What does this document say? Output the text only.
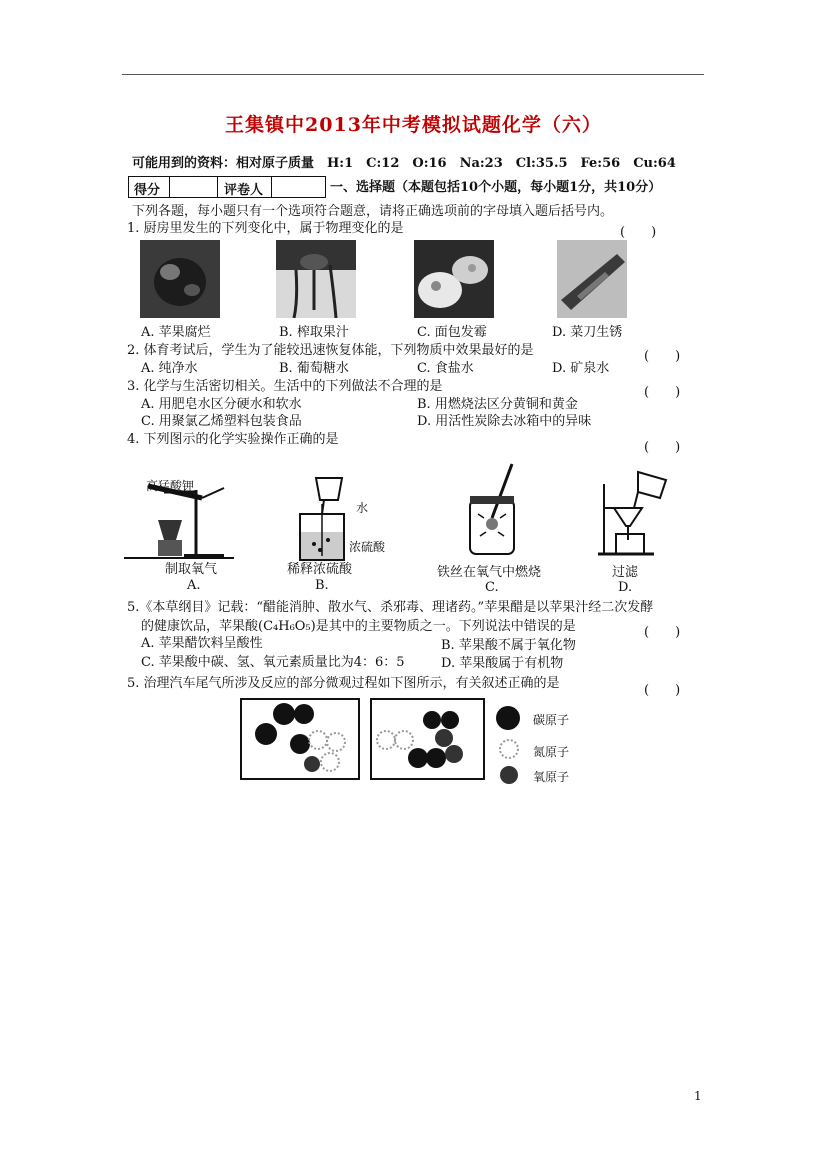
王集镇中2013年中考模拟试题化学（六）
可能用到的资料：相对原子质量　H:1　C:12　O:16　Na:23　Cl:35.5　Fe:56　Cu:64
得分	评卷人	一、选择题（本题包括10个小题，每小题1分，共10分）
下列各题，每小题只有一个选项符合题意，请将正确选项前的字母填入题后括号内。
1. 厨房里发生的下列变化中，属于物理变化的是	(　　)
A. 苹果腐烂	B. 榨取果汁	C. 面包发霉	D. 菜刀生锈
2. 体育考试后，学生为了能较迅速恢复体能，下列物质中效果最好的是	(　　)
A. 纯净水	B. 葡萄糖水	C. 食盐水	D. 矿泉水
3. 化学与生活密切相关。生活中的下列做法不合理的是	(　　)
A. 用肥皂水区分硬水和软水	B. 用燃烧法区分黄铜和黄金
C. 用聚氯乙烯塑料包装食品	D. 用活性炭除去冰箱中的异味
4. 下列图示的化学实验操作正确的是
(　　)
高猛酸钾
水
浓硫酸
制取氧气	稀释浓硫酸	铁丝在氧气中燃烧	过滤
A.	B.	C.	D.
5.《本草纲目》记载：“醋能消肿、散水气、杀邪毒、理诸药。”苹果醋是以苹果汁经二次发酵
的健康饮品，苹果酸(C₄H₆O₅)是其中的主要物质之一。下列说法中错误的是	(　　)
A. 苹果醋饮料呈酸性	B. 苹果酸不属于氧化物
C. 苹果酸中碳、氢、氧元素质量比为4：6：5	D. 苹果酸属于有机物
5. 治理汽车尾气所涉及反应的部分微观过程如下图所示，有关叙述正确的是	(　　)
碳原子
氮原子
氧原子
1
